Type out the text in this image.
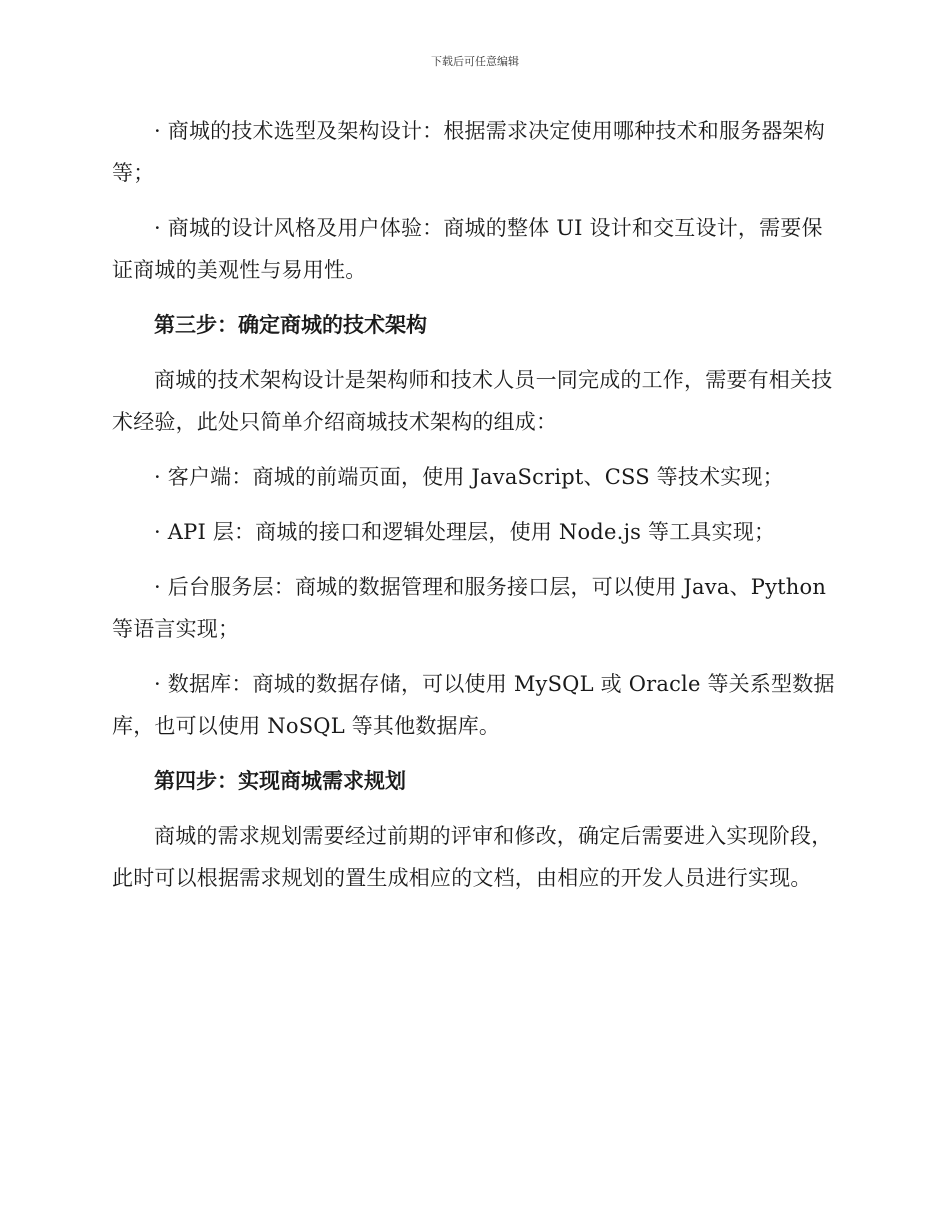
下载后可任意编辑

· 商城的技术选型及架构设计：根据需求决定使用哪种技术和服务器架构等；

· 商城的设计风格及用户体验：商城的整体 UI 设计和交互设计，需要保证商城的美观性与易用性。

第三步：确定商城的技术架构

商城的技术架构设计是架构师和技术人员一同完成的工作，需要有相关技术经验，此处只简单介绍商城技术架构的组成：

· 客户端：商城的前端页面，使用 JavaScript、CSS 等技术实现；

· API 层：商城的接口和逻辑处理层，使用 Node.js 等工具实现；

· 后台服务层：商城的数据管理和服务接口层，可以使用 Java、Python 等语言实现；

· 数据库：商城的数据存储，可以使用 MySQL 或 Oracle 等关系型数据库，也可以使用 NoSQL 等其他数据库。

第四步：实现商城需求规划

商城的需求规划需要经过前期的评审和修改，确定后需要进入实现阶段，此时可以根据需求规划的置生成相应的文档，由相应的开发人员进行实现。
